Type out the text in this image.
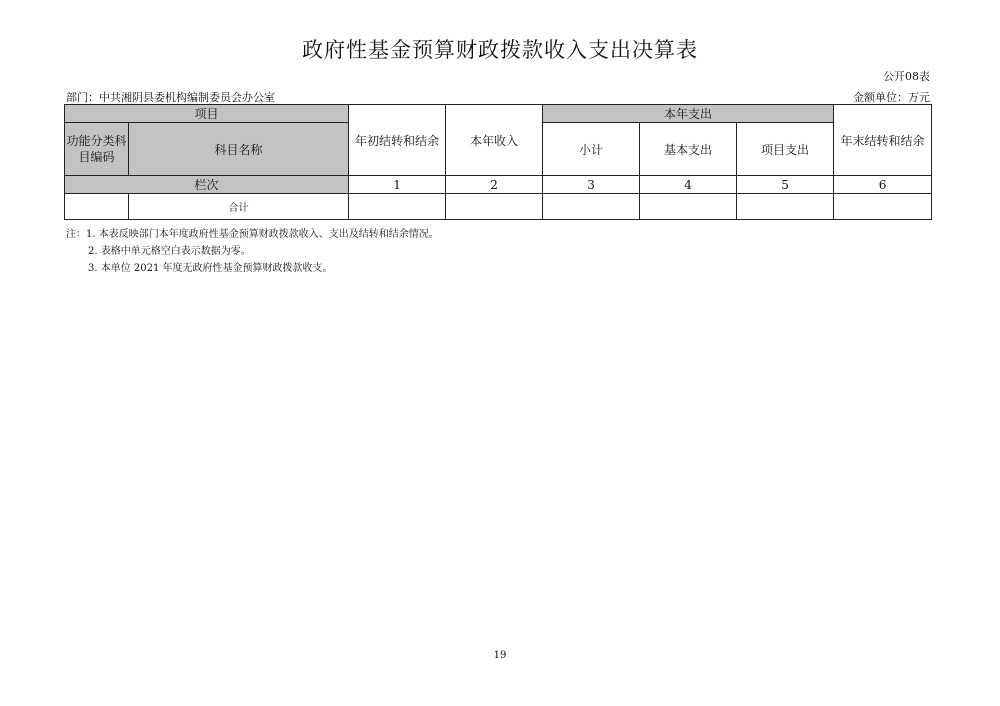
政府性基金预算财政拨款收入支出决算表
公开08表
部门：中共湘阴县委机构编制委员会办公室	金额单位：万元
项目		年初结转和结余	本年收入	本年支出			年末结转和结余
功能分类科目编码	科目名称			小计	基本支出	项目支出	
栏次		1	2	3	4	5	6
	合计						
注：1. 本表反映部门本年度政府性基金预算财政拨款收入、支出及结转和结余情况。
2. 表格中单元格空白表示数据为零。
3. 本单位 2021 年度无政府性基金预算财政拨款收支。
19
